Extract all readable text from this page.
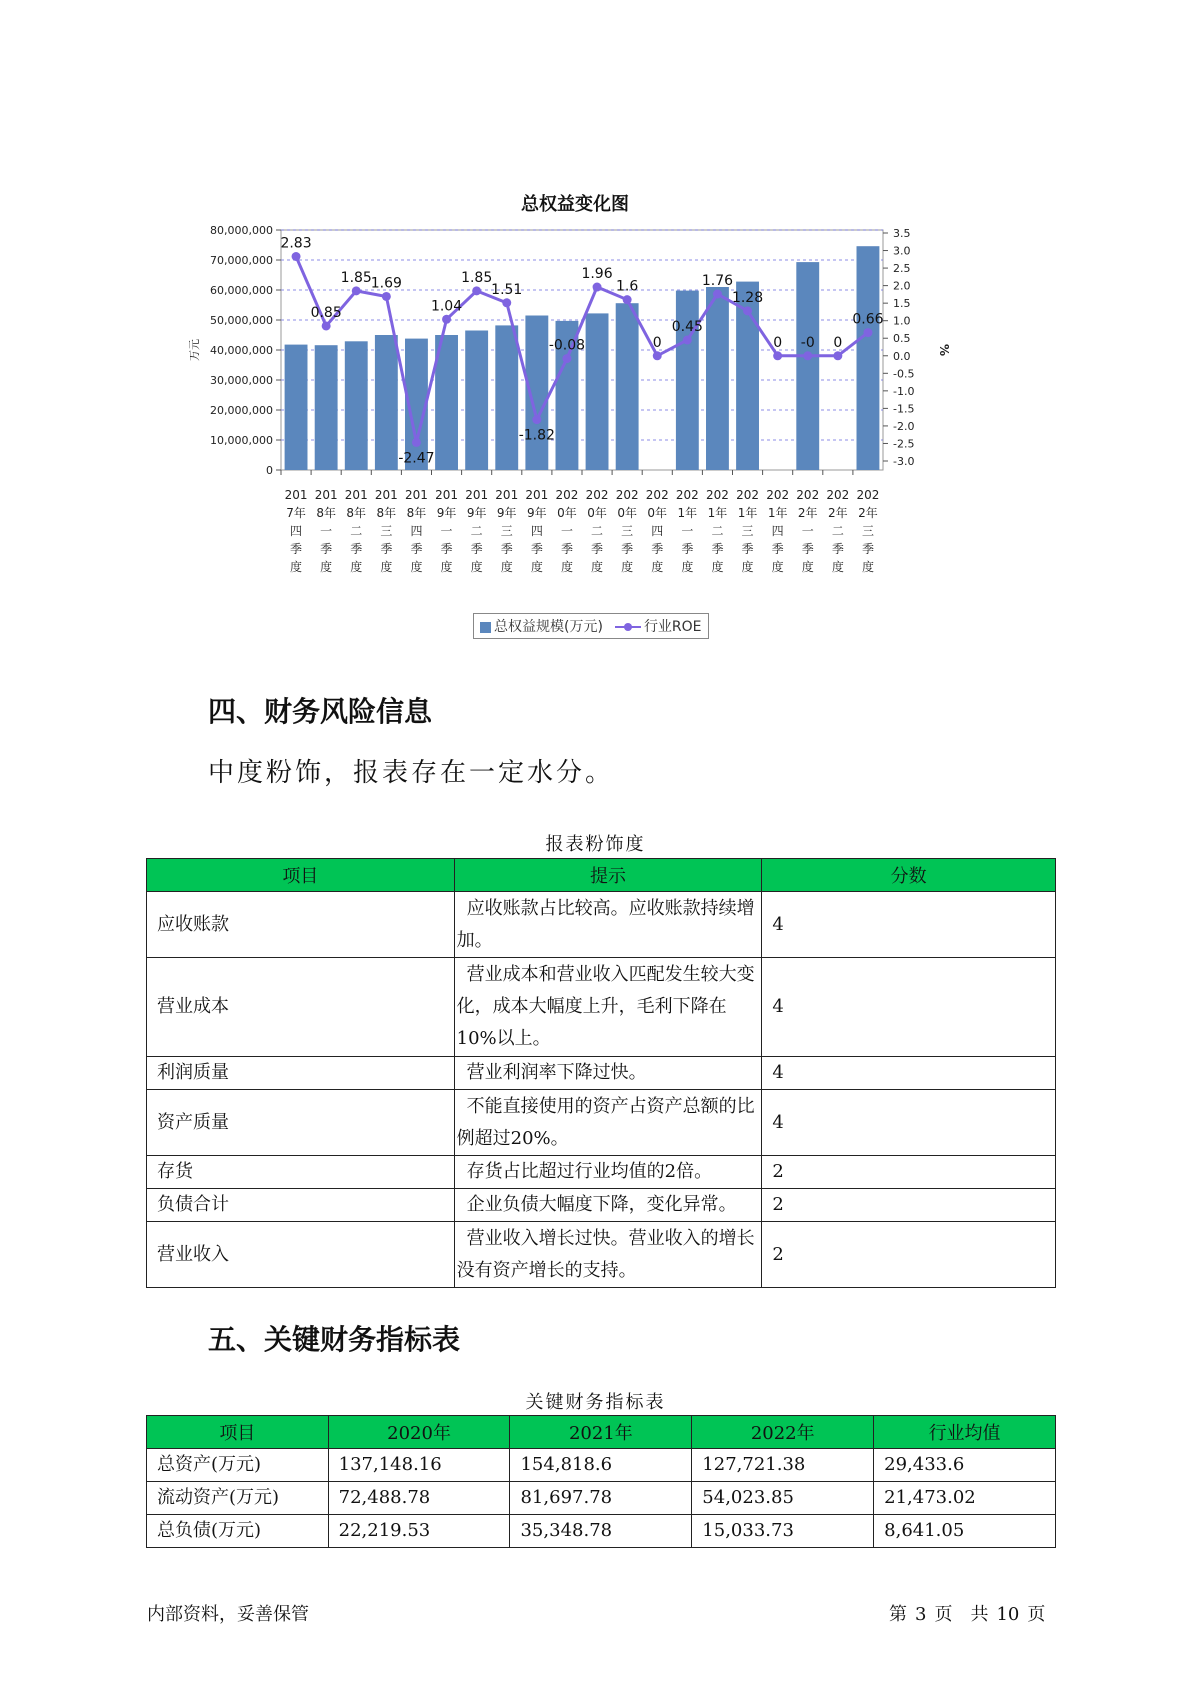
总权益变化图
0
10,000,000
20,000,000
30,000,000
40,000,000
50,000,000
60,000,000
70,000,000
80,000,000
万元
-3.0
-2.5
-2.0
-1.5
-1.0
-0.5
0.0
0.5
1.0
1.5
2.0
2.5
3.0
3.5
%
201
7年
四
季
度
201
8年
一
季
度
201
8年
二
季
度
201
8年
三
季
度
201
8年
四
季
度
201
9年
一
季
度
201
9年
二
季
度
201
9年
三
季
度
201
9年
四
季
度
202
0年
一
季
度
202
0年
二
季
度
202
0年
三
季
度
202
0年
四
季
度
202
1年
一
季
度
202
1年
二
季
度
202
1年
三
季
度
202
1年
四
季
度
202
2年
一
季
度
202
2年
二
季
度
202
2年
三
季
度
2.83
0.85
1.85
1.69
-2.47
1.04
1.85
1.51
-1.82
-0.08
1.96
1.6
0
0.45
1.76
1.28
0 -0 0
0.66
总权益规模(万元)	行业ROE
四、财务风险信息
中度粉饰，报表存在一定水分。
报表粉饰度
项目	提示	分数
应收账款	应收账款占比较高。应收账款持续增加。	4
营业成本	营业成本和营业收入匹配发生较大变化，成本大幅度上升，毛利下降在10%以上。	4
利润质量	营业利润率下降过快。	4
资产质量	不能直接使用的资产占资产总额的比例超过20%。	4
存货	存货占比超过行业均值的2倍。	2
负债合计	企业负债大幅度下降，变化异常。	2
营业收入	营业收入增长过快。营业收入的增长没有资产增长的支持。	2
五、关键财务指标表
关键财务指标表
项目	2020年	2021年	2022年	行业均值
总资产(万元)	137,148.16	154,818.6	127,721.38	29,433.6
流动资产(万元)	72,488.78	81,697.78	54,023.85	21,473.02
总负债(万元)	22,219.53	35,348.78	15,033.73	8,641.05
内部资料，妥善保管	第 3 页　共 10 页
